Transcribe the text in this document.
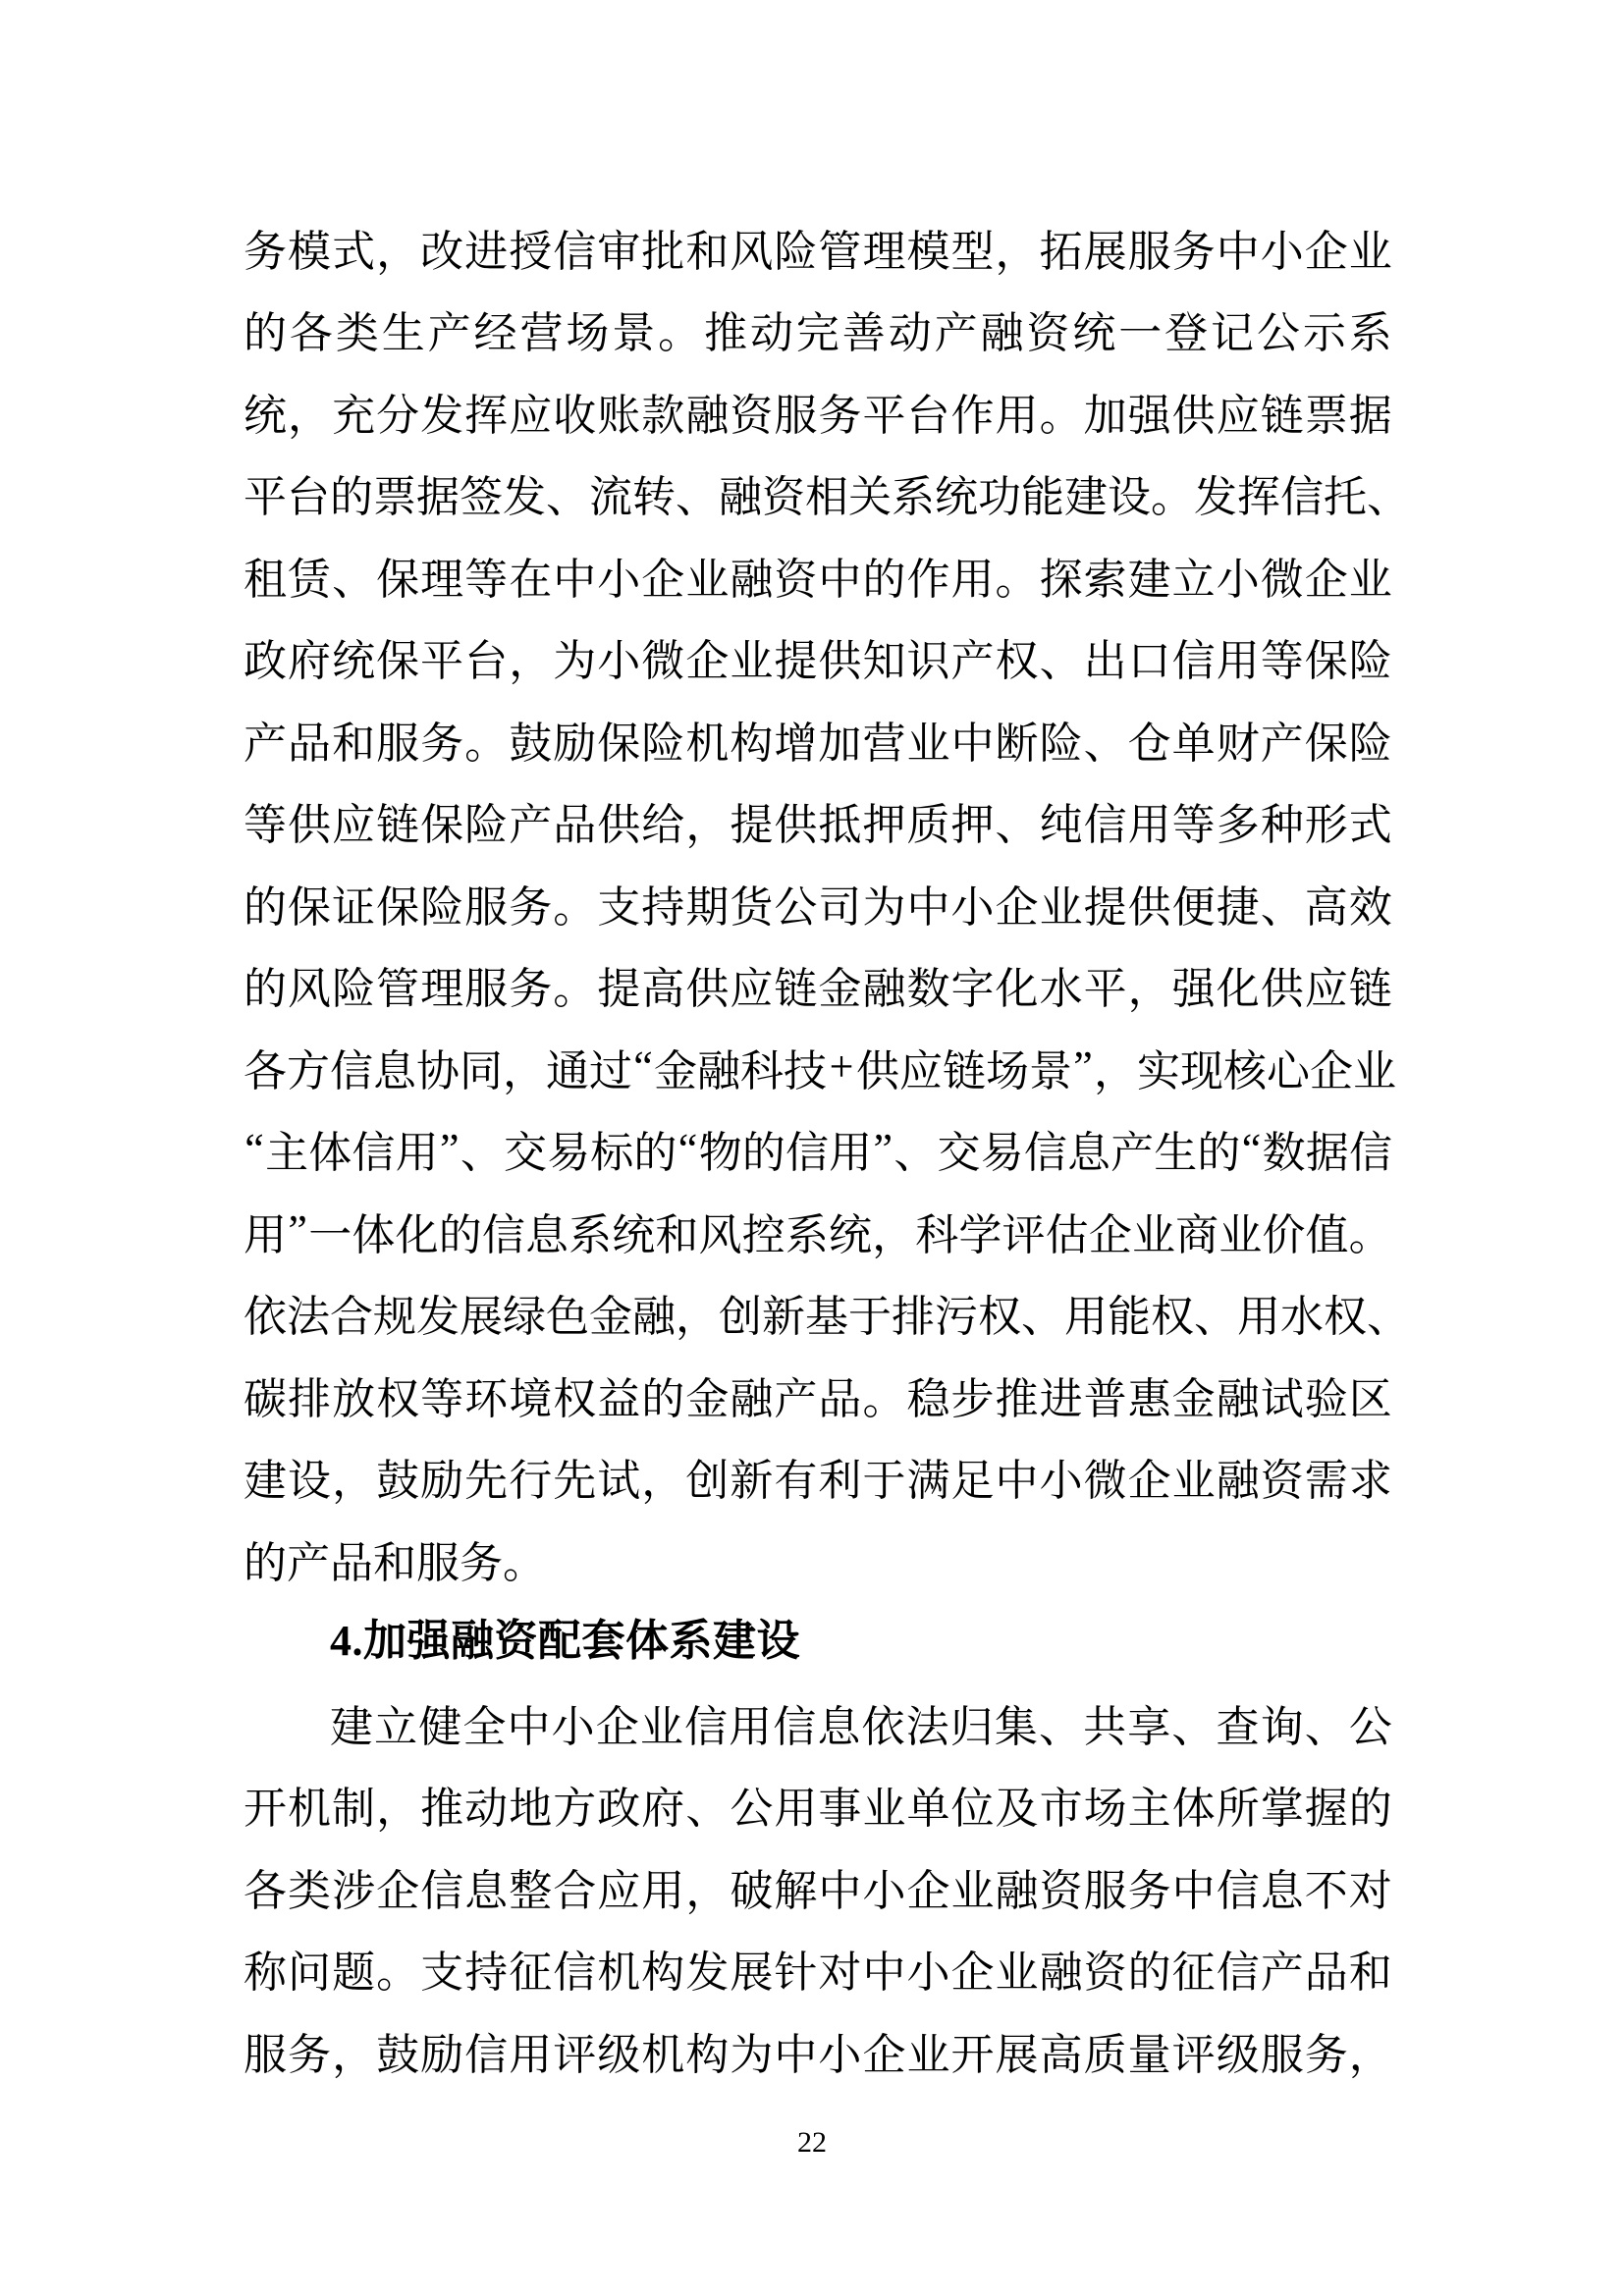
务 模 式 ， 改 进 授 信 审 批 和 风 险 管 理 模 型 ， 拓 展 服 务 中 小 企 业
的 各 类 生 产 经 营 场 景 。 推 动 完 善 动 产 融 资 统 一 登 记 公 示 系
统 ， 充 分 发 挥 应 收 账 款 融 资 服 务 平 台 作 用 。 加 强 供 应 链 票 据
平 台 的 票 据 签 发 、 流 转 、 融 资 相 关 系 统 功 能 建 设 。 发 挥 信 托 、
租 赁 、 保 理 等 在 中 小 企 业 融 资 中 的 作 用 。 探 索 建 立 小 微 企 业
政 府 统 保 平 台 ， 为 小 微 企 业 提 供 知 识 产 权 、 出 口 信 用 等 保 险
产 品 和 服 务 。 鼓 励 保 险 机 构 增 加 营 业 中 断 险 、 仓 单 财 产 保 险
等 供 应 链 保 险 产 品 供 给 ， 提 供 抵 押 质 押 、 纯 信 用 等 多 种 形 式
的 保 证 保 险 服 务 。 支 持 期 货 公 司 为 中 小 企 业 提 供 便 捷 、 高 效
的 风 险 管 理 服 务 。 提 高 供 应 链 金 融 数 字 化 水 平 ， 强 化 供 应 链
各 方 信 息 协 同 ， 通 过 “ 金 融 科 技 + 供 应 链 场 景 ” ， 实 现 核 心 企 业
“ 主 体 信 用 ” 、 交 易 标 的 “ 物 的 信 用 ” 、 交 易 信 息 产 生 的 “ 数 据 信
用 ” 一 体 化 的 信 息 系 统 和 风 控 系 统 ， 科 学 评 估 企 业 商 业 价 值 。
依 法 合 规 发 展 绿 色 金 融 ， 创 新 基 于 排 污 权 、 用 能 权 、 用 水 权 、
碳 排 放 权 等 环 境 权 益 的 金 融 产 品 。 稳 步 推 进 普 惠 金 融 试 验 区
建 设 ， 鼓 励 先 行 先 试 ， 创 新 有 利 于 满 足 中 小 微 企 业 融 资 需 求
的 产 品 和 服 务 。
4.加强融资配套体系建设
建 立 健 全 中 小 企 业 信 用 信 息 依 法 归 集 、 共 享 、 查 询 、 公
开 机 制 ， 推 动 地 方 政 府 、 公 用 事 业 单 位 及 市 场 主 体 所 掌 握 的
各 类 涉 企 信 息 整 合 应 用 ， 破 解 中 小 企 业 融 资 服 务 中 信 息 不 对
称 问 题 。 支 持 征 信 机 构 发 展 针 对 中 小 企 业 融 资 的 征 信 产 品 和
服 务 ， 鼓 励 信 用 评 级 机 构 为 中 小 企 业 开 展 高 质 量 评 级 服 务 ，
22
